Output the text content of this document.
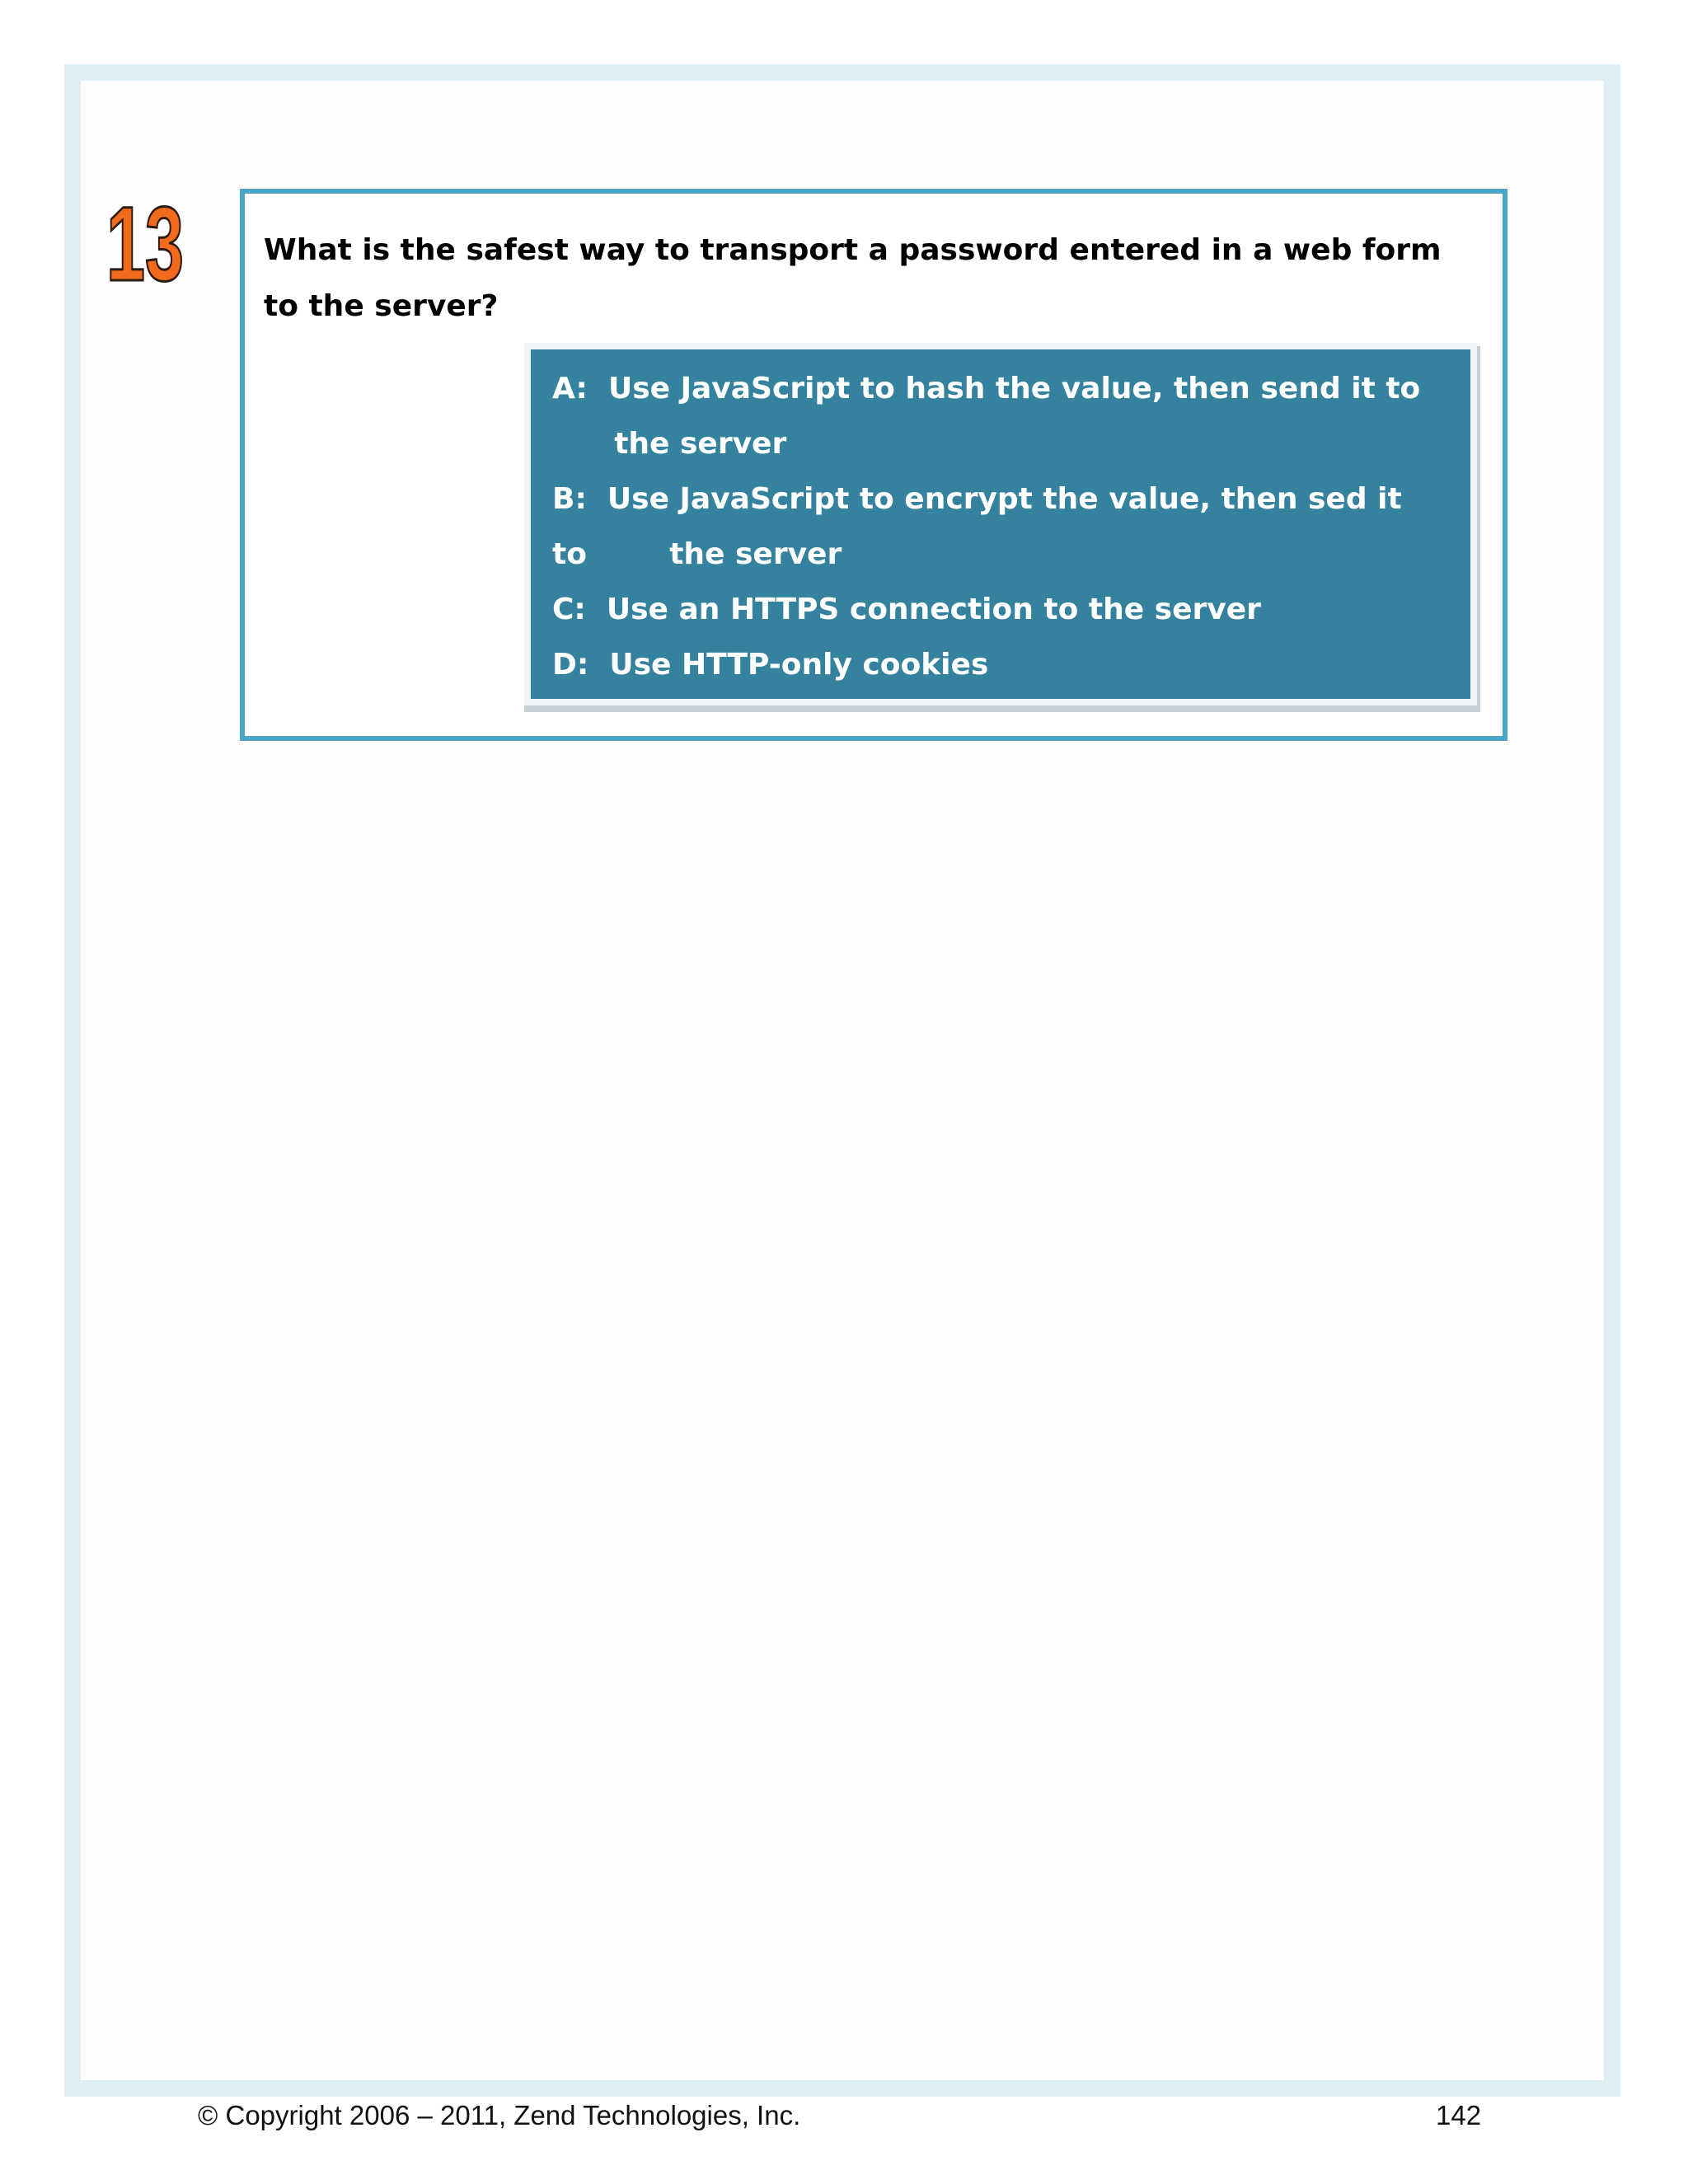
13	What is the safest way to transport a password entered in a web form
to the server?
A:  Use JavaScript to hash the value, then send it to
the server
B:  Use JavaScript to encrypt the value, then sed it
to        the server
C:  Use an HTTPS connection to the server
D:  Use HTTP-only cookies
© Copyright 2006 – 2011, Zend Technologies, Inc.	142
